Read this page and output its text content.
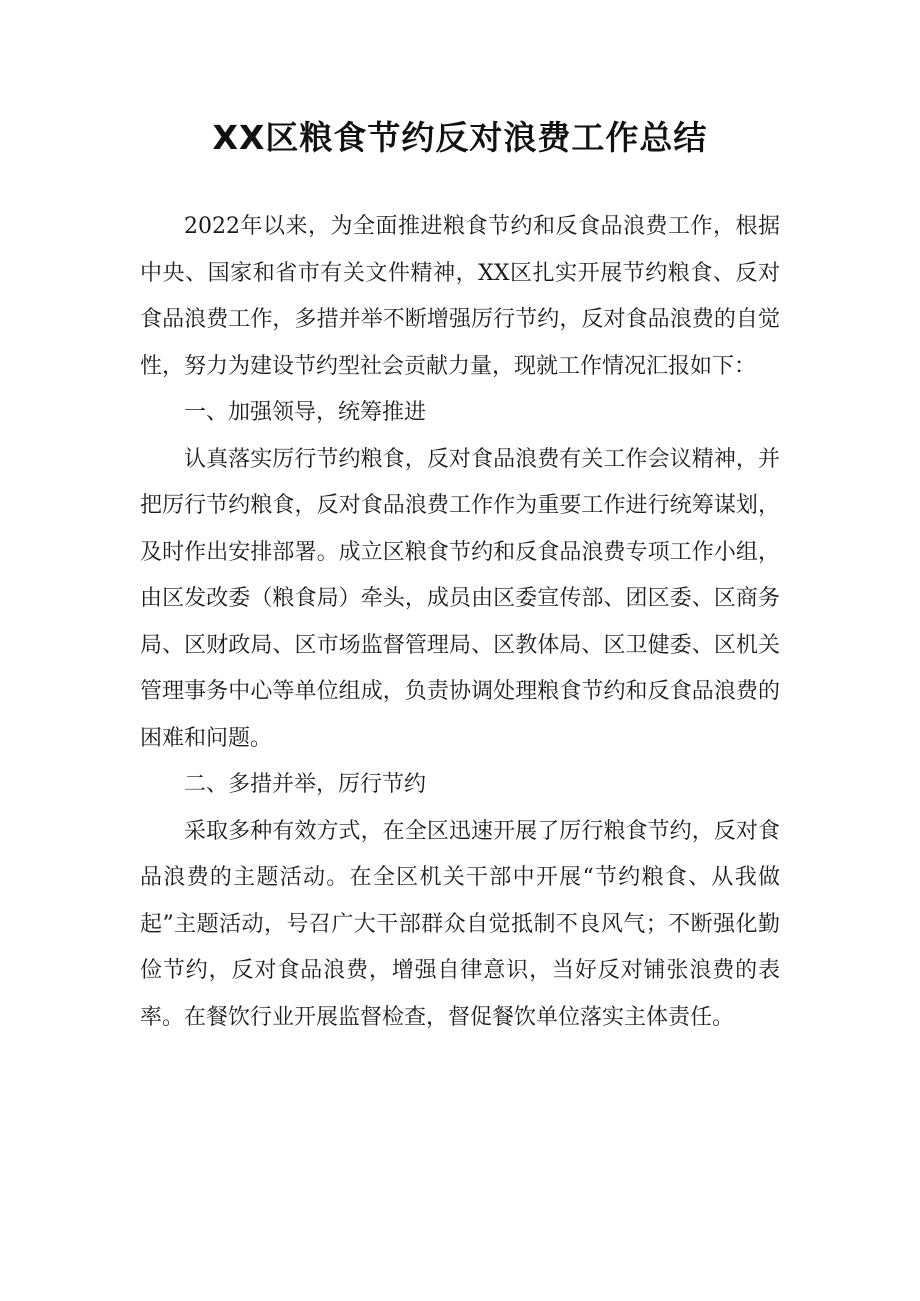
XX区粮食节约反对浪费工作总结

2022年以来，为全面推进粮食节约和反食品浪费工作，根据中央、国家和省市有关文件精神，XX区扎实开展节约粮食、反对食品浪费工作，多措并举不断增强厉行节约，反对食品浪费的自觉性，努力为建设节约型社会贡献力量，现就工作情况汇报如下：

一、加强领导，统筹推进

认真落实厉行节约粮食，反对食品浪费有关工作会议精神，并把厉行节约粮食，反对食品浪费工作作为重要工作进行统筹谋划，及时作出安排部署。成立区粮食节约和反食品浪费专项工作小组，由区发改委（粮食局）牵头，成员由区委宣传部、团区委、区商务局、区财政局、区市场监督管理局、区教体局、区卫健委、区机关管理事务中心等单位组成，负责协调处理粮食节约和反食品浪费的困难和问题。

二、多措并举，厉行节约

采取多种有效方式，在全区迅速开展了厉行粮食节约，反对食品浪费的主题活动。在全区机关干部中开展“节约粮食、从我做起”主题活动，号召广大干部群众自觉抵制不良风气；不断强化勤俭节约，反对食品浪费，增强自律意识，当好反对铺张浪费的表率。在餐饮行业开展监督检查，督促餐饮单位落实主体责任。
